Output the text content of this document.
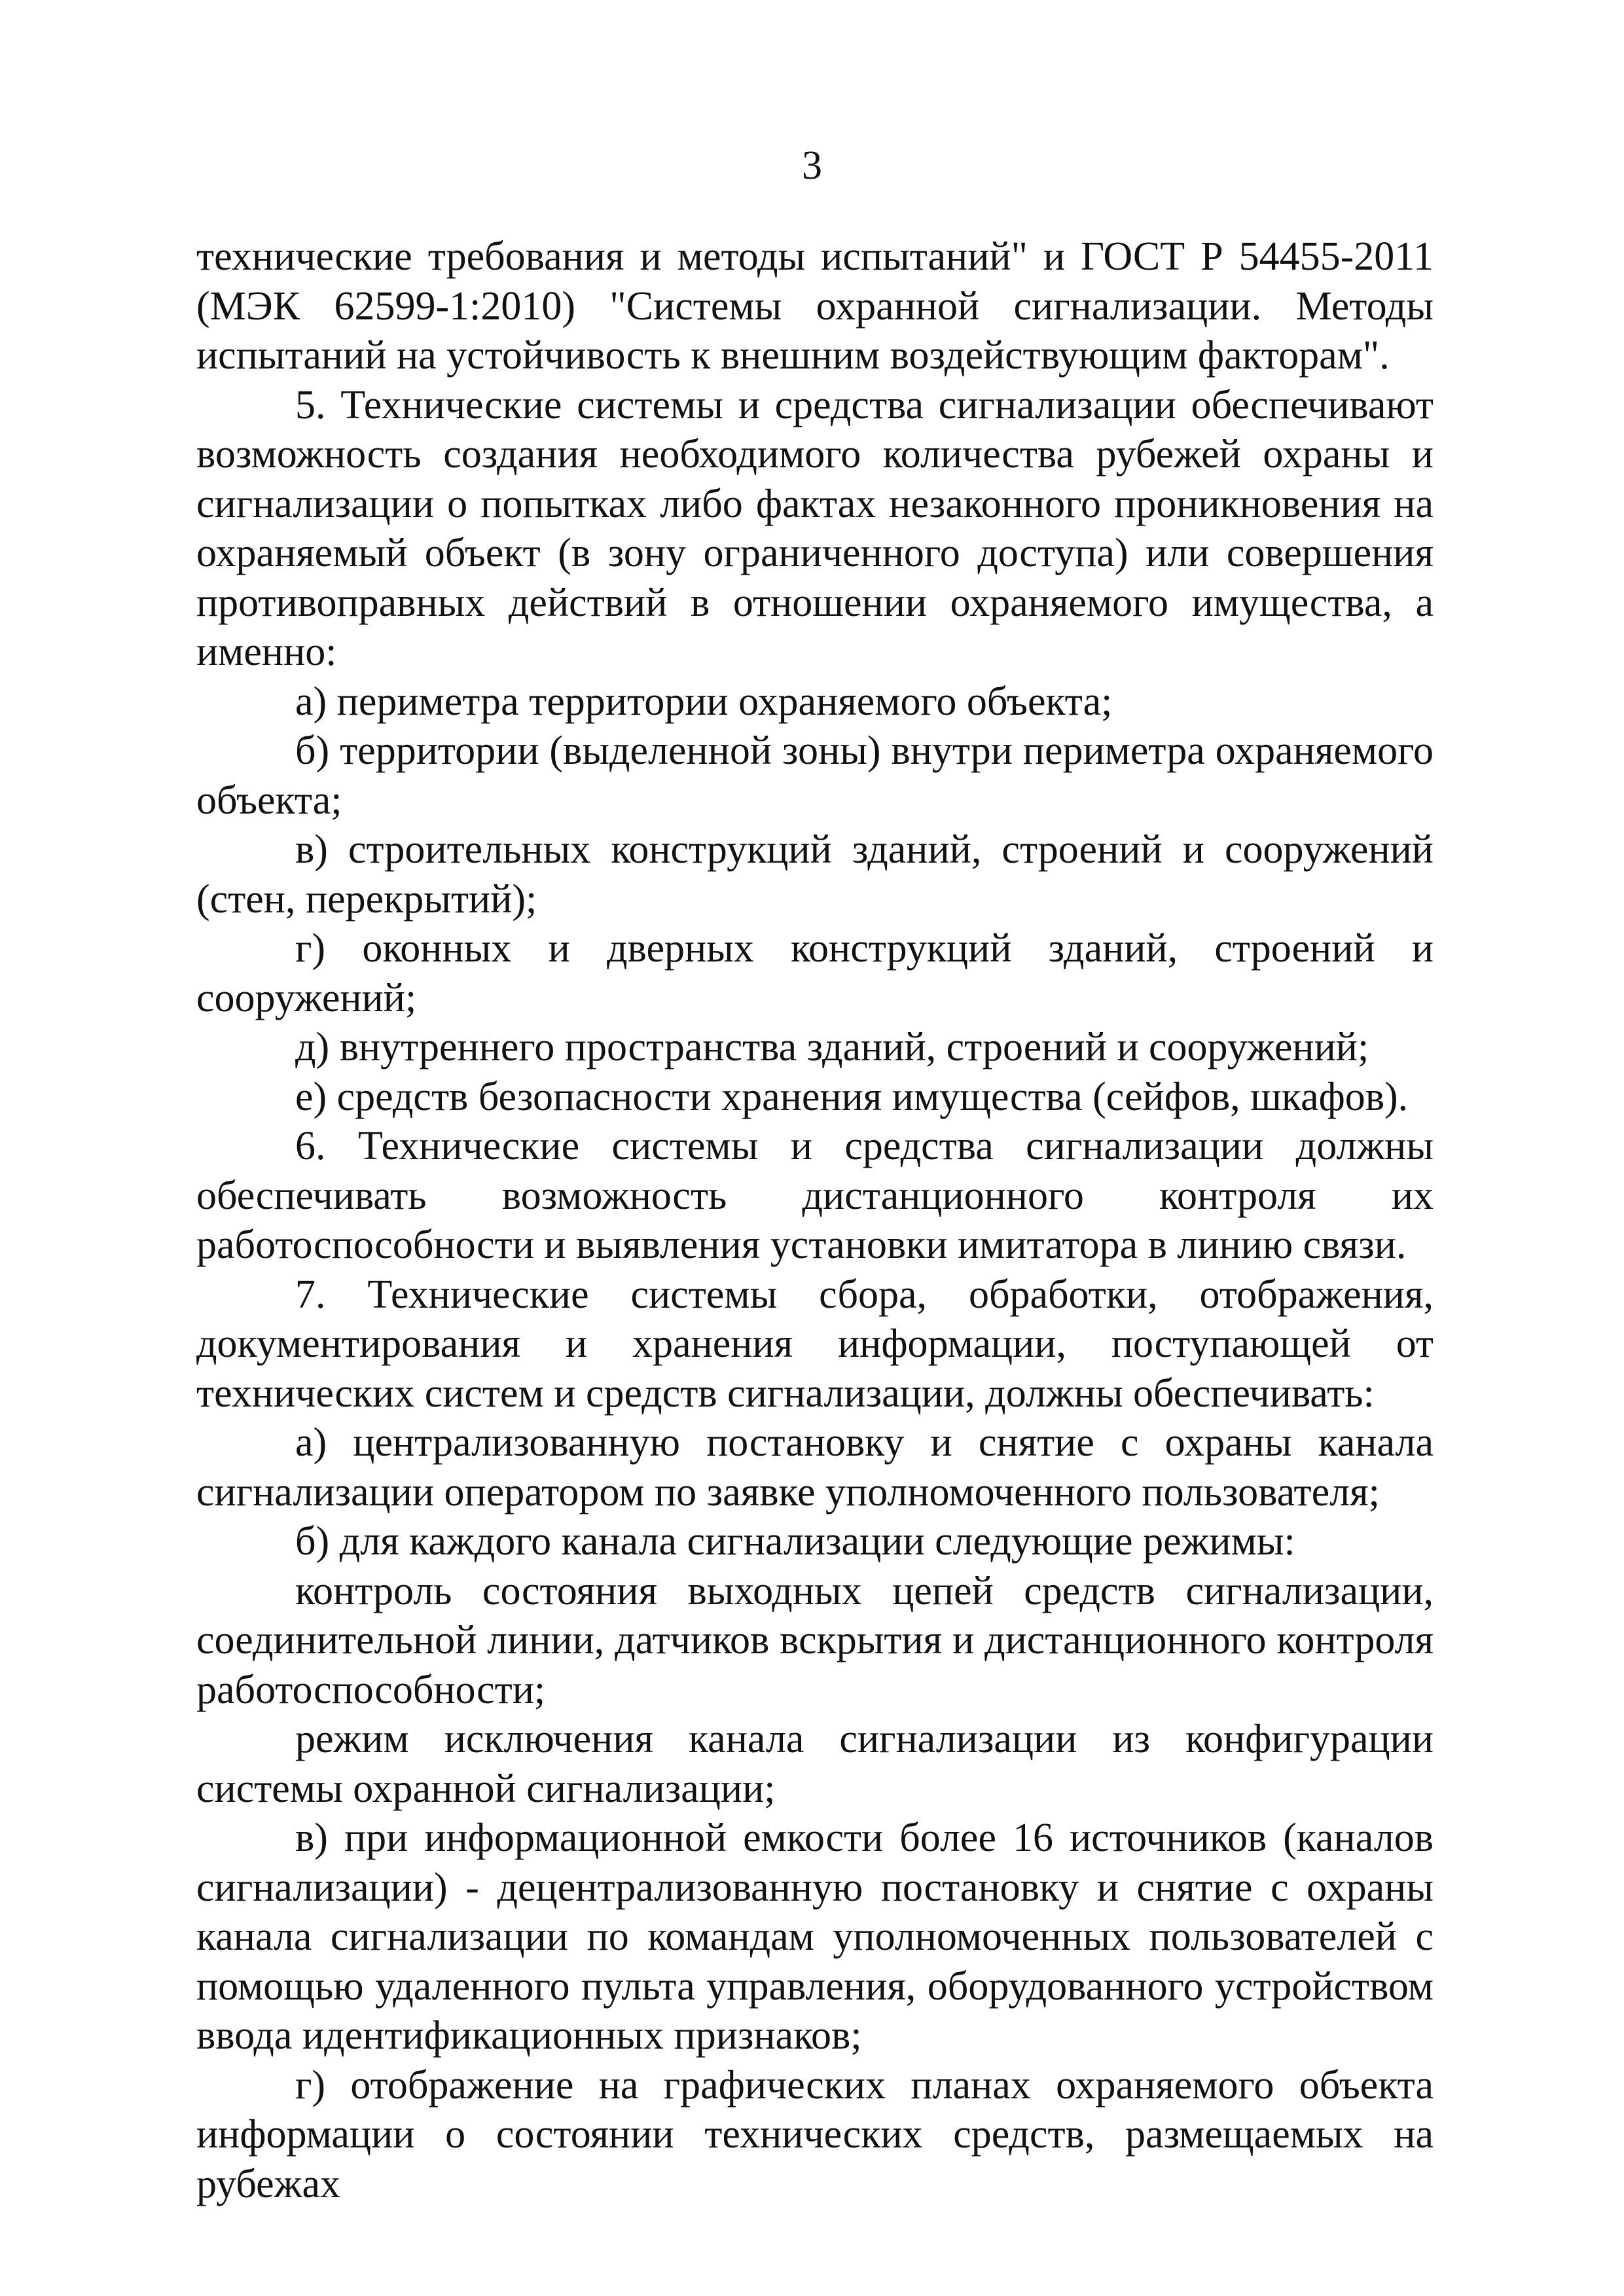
3

технические требования и методы испытаний" и ГОСТ Р 54455-2011 (МЭК 62599-1:2010) "Системы охранной сигнализации. Методы испытаний на устойчивость к внешним воздействующим факторам".

5. Технические системы и средства сигнализации обеспечивают возможность создания необходимого количества рубежей охраны и сигнализации о попытках либо фактах незаконного проникновения на охраняемый объект (в зону ограниченного доступа) или совершения противоправных действий в отношении охраняемого имущества, а именно:

а) периметра территории охраняемого объекта;

б) территории (выделенной зоны) внутри периметра охраняемого объекта;

в) строительных конструкций зданий, строений и сооружений (стен, перекрытий);

г) оконных и дверных конструкций зданий, строений и сооружений;

д) внутреннего пространства зданий, строений и сооружений;

е) средств безопасности хранения имущества (сейфов, шкафов).

6. Технические системы и средства сигнализации должны обеспечивать возможность дистанционного контроля их работоспособности и выявления установки имитатора в линию связи.

7. Технические системы сбора, обработки, отображения, документирования и хранения информации, поступающей от технических систем и средств сигнализации, должны обеспечивать:

а) централизованную постановку и снятие с охраны канала сигнализации оператором по заявке уполномоченного пользователя;

б) для каждого канала сигнализации следующие режимы:

контроль состояния выходных цепей средств сигнализации, соединительной линии, датчиков вскрытия и дистанционного контроля работоспособности;

режим исключения канала сигнализации из конфигурации системы охранной сигнализации;

в) при информационной емкости более 16 источников (каналов сигнализации) - децентрализованную постановку и снятие с охраны канала сигнализации по командам уполномоченных пользователей с помощью удаленного пульта управления, оборудованного устройством ввода идентификационных признаков;

г) отображение на графических планах охраняемого объекта информации о состоянии технических средств, размещаемых на рубежах
